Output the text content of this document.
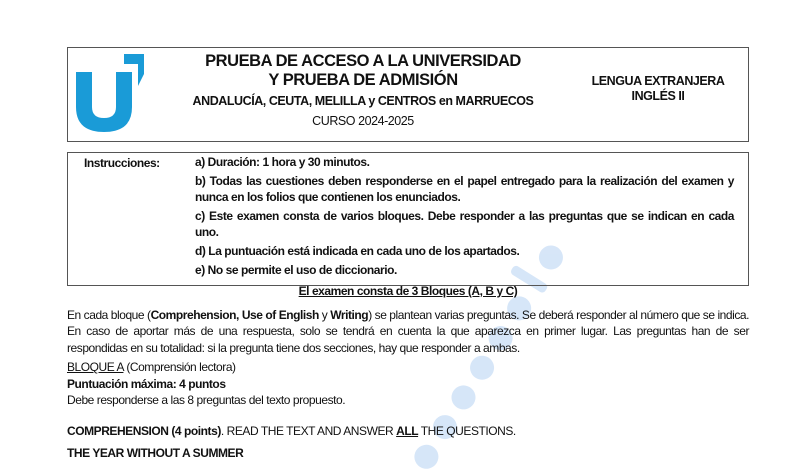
PRUEBA DE ACCESO A LA UNIVERSIDAD
Y PRUEBA DE ADMISIÓN
ANDALUCÍA, CEUTA, MELILLA y CENTROS en MARRUECOS
CURSO 2024-2025
LENGUA EXTRANJERA
INGLÉS II
Instrucciones:	a) Duración: 1 hora y 30 minutos.
b) Todas las cuestiones deben responderse en el papel entregado para la realización del examen y nunca en los folios que contienen los enunciados.
c) Este examen consta de varios bloques. Debe responder a las preguntas que se indican en cada uno.
d) La puntuación está indicada en cada uno de los apartados.
e) No se permite el uso de diccionario.
El examen consta de 3 Bloques (A, B y C)
En cada bloque (Comprehension, Use of English y Writing) se plantean varias preguntas. Se deberá responder al número que se indica. En caso de aportar más de una respuesta, solo se tendrá en cuenta la que aparezca en primer lugar. Las preguntas han de ser respondidas en su totalidad: si la pregunta tiene dos secciones, hay que responder a ambas.
BLOQUE A (Comprensión lectora)
Puntuación máxima: 4 puntos
Debe responderse a las 8 preguntas del texto propuesto.
COMPREHENSION (4 points). READ THE TEXT AND ANSWER ALL THE QUESTIONS.
THE YEAR WITHOUT A SUMMER
